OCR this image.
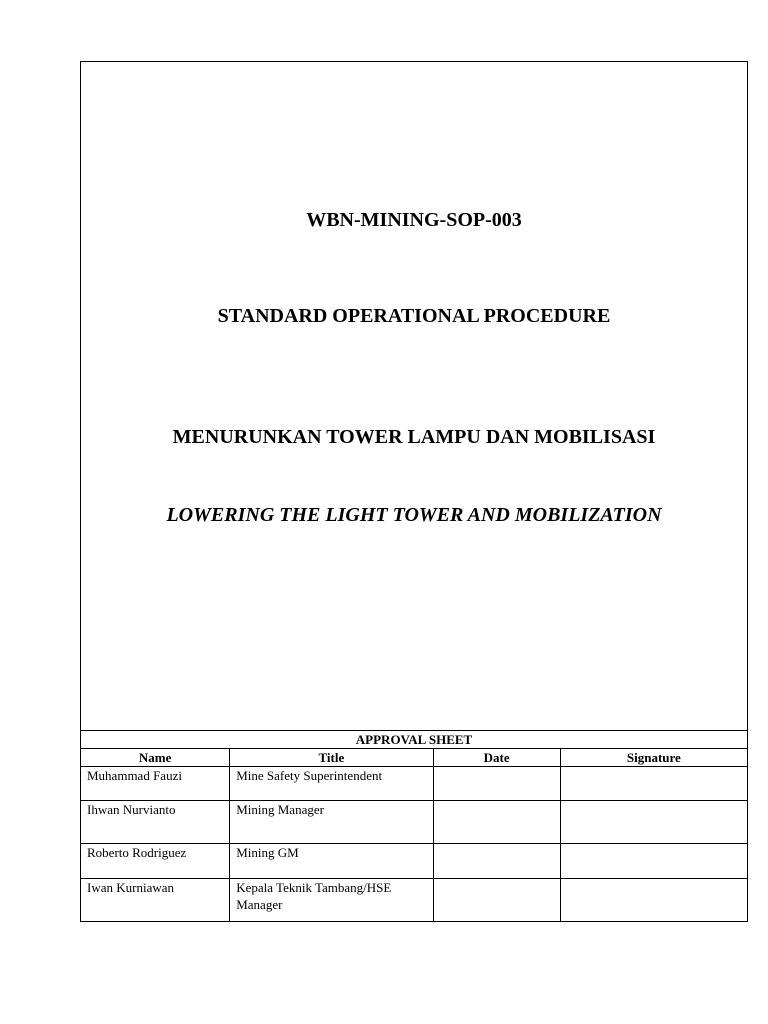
WBN-MINING-SOP-003
STANDARD OPERATIONAL PROCEDURE
MENURUNKAN TOWER LAMPU DAN MOBILISASI
LOWERING THE LIGHT TOWER AND MOBILIZATION
APPROVAL SHEET			
Name	Title	Date	Signature
Muhammad Fauzi	Mine Safety Superintendent		
Ihwan Nurvianto	Mining Manager		
Roberto Rodriguez	Mining GM		
Iwan Kurniawan	Kepala Teknik Tambang/HSE Manager		
